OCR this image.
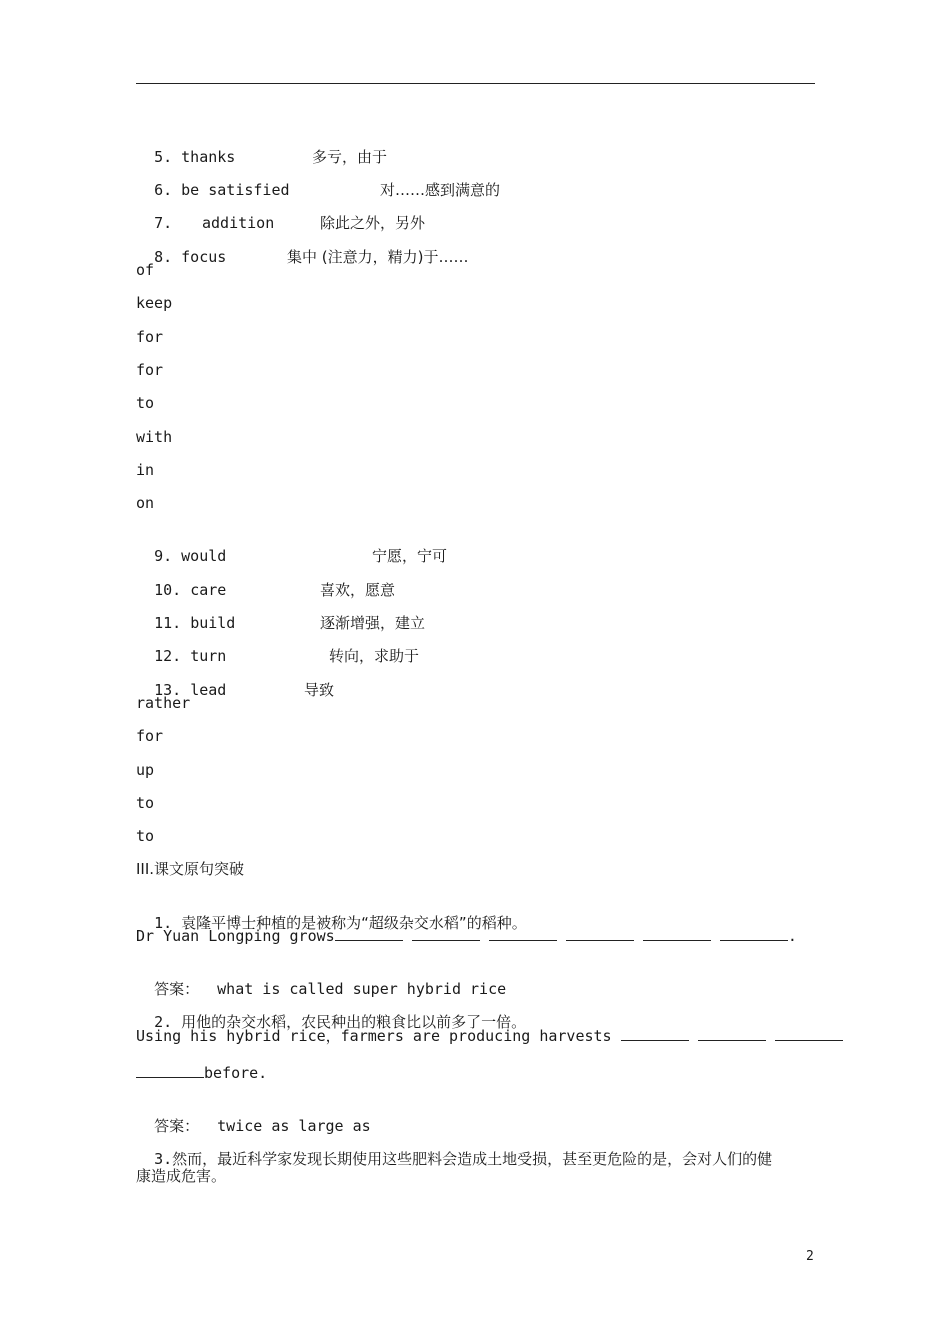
5. thanks	多亏，由于

6. be satisfied	对……感到满意的

7. addition	除此之外，另外

8. focus	集中 (注意力，精力)于……

of
keep
for
for
to
with
in
on

9. would	宁愿，宁可

10. care	喜欢，愿意

11. build	逐渐增强，建立

12. turn	转向，求助于

13. lead	导致

rather
for
up
to
to
III.课文原句突破

1. 袁隆平博士种植的是被称为“超级杂交水稻”的稻种。

Dr Yuan Longping grows	.

答案： what is called super hybrid rice

2. 用他的杂交水稻，农民种出的粮食比以前多了一倍。

Using his hybrid rice，farmers are producing harvests
before.

答案： twice as large as

3.然而，最近科学家发现长期使用这些肥料会造成土地受损，甚至更危险的是，会对人们的健

康造成危害。
2
